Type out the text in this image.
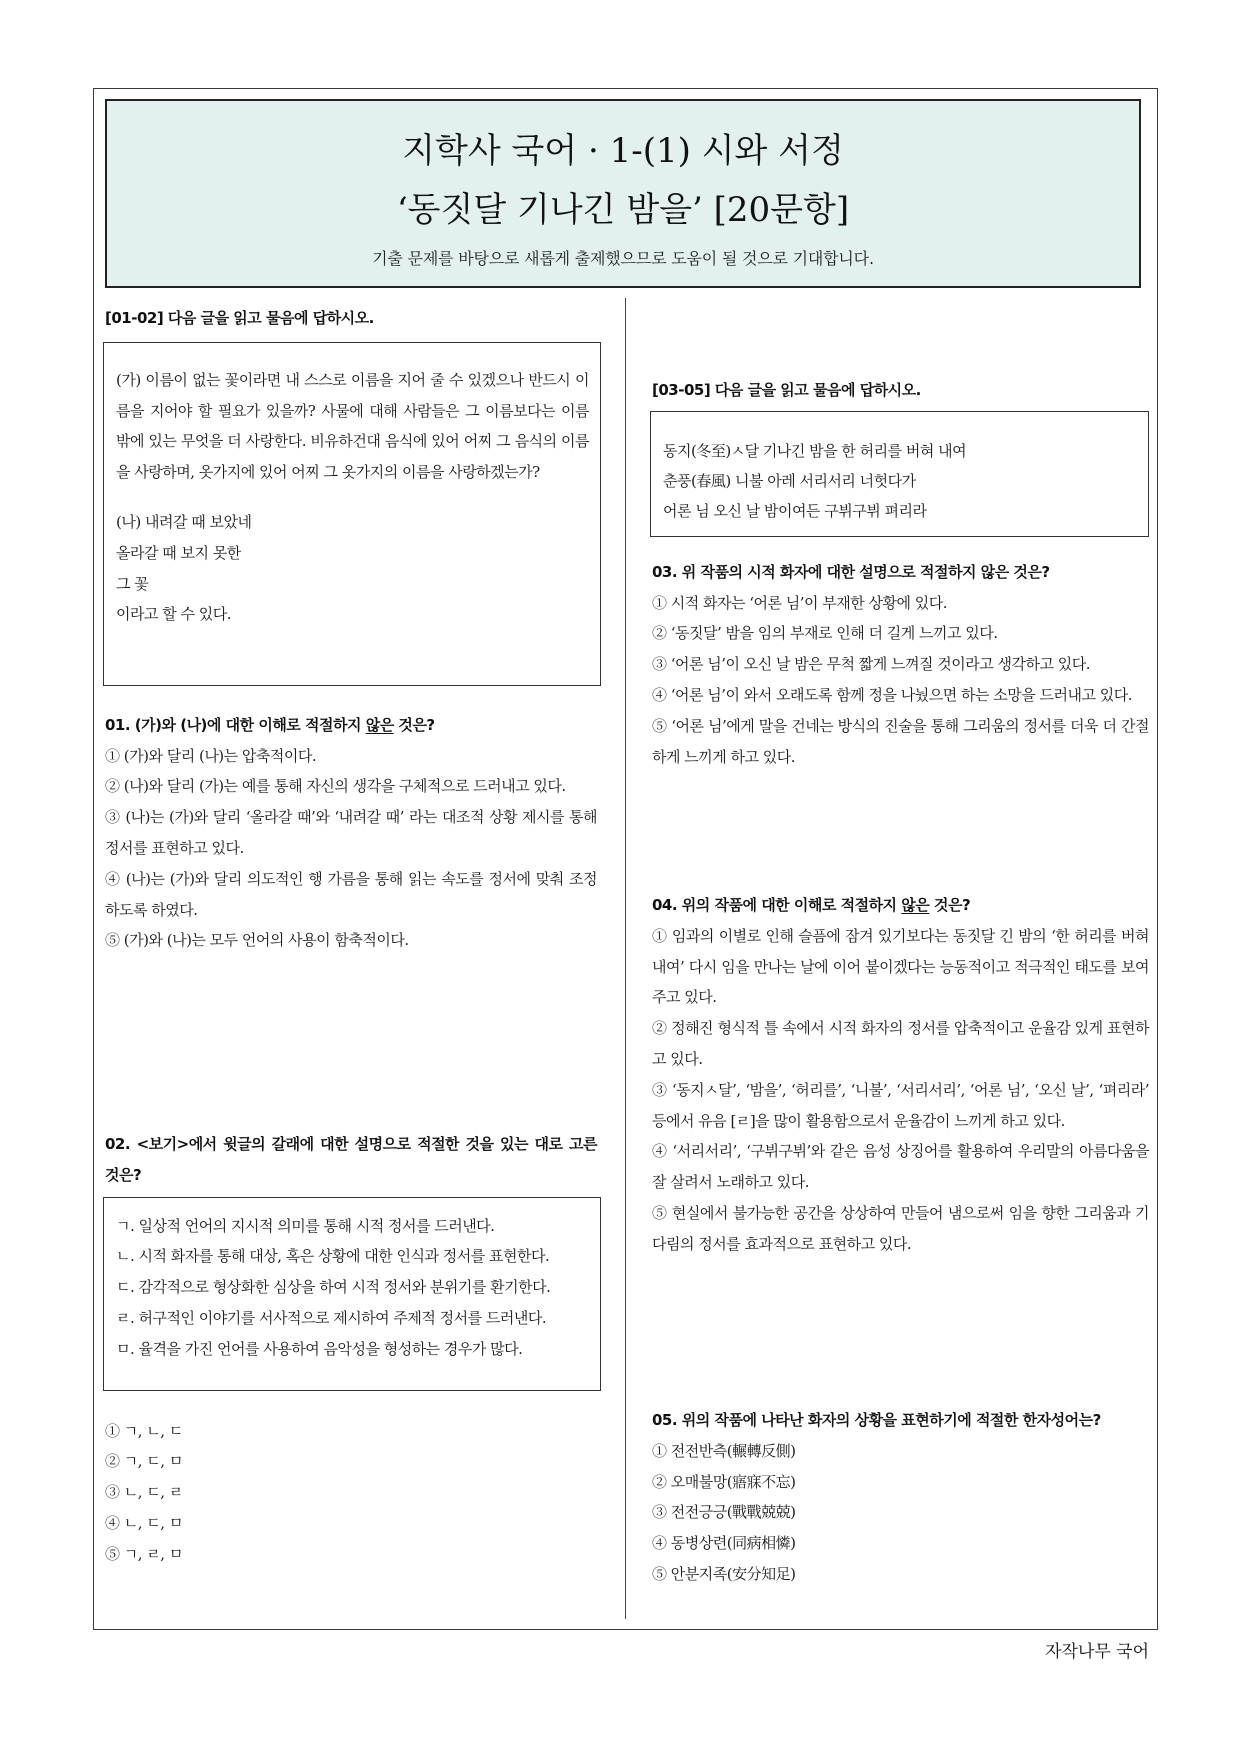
지학사 국어 · 1-(1) 시와 서정
‘동짓달 기나긴 밤을’ [20문항]
기출 문제를 바탕으로 새롭게 출제했으므로 도움이 될 것으로 기대합니다.
[01-02] 다음 글을 읽고 물음에 답하시오.
(가) 이름이 없는 꽃이라면 내 스스로 이름을 지어 줄 수 있겠으나 반드시 이름을 지어야 할 필요가 있을까? 사물에 대해 사람들은 그 이름보다는 이름 밖에 있는 무엇을 더 사랑한다. 비유하건대 음식에 있어 어찌 그 음식의 이름을 사랑하며, 옷가지에 있어 어찌 그 옷가지의 이름을 사랑하겠는가?
(나) 내려갈 때 보았네
올라갈 때 보지 못한
그 꽃
이라고 할 수 있다.
01. (가)와 (나)에 대한 이해로 적절하지 않은 것은?
① (가)와 달리 (나)는 압축적이다.
② (나)와 달리 (가)는 예를 통해 자신의 생각을 구체적으로 드러내고 있다.
③ (나)는 (가)와 달리 ‘올라갈 때’와 ‘내려갈 때’ 라는 대조적 상황 제시를 통해 정서를 표현하고 있다.
④ (나)는 (가)와 달리 의도적인 행 가름을 통해 읽는 속도를 정서에 맞춰 조정하도록 하였다.
⑤ (가)와 (나)는 모두 언어의 사용이 함축적이다.
02. <보기>에서 윗글의 갈래에 대한 설명으로 적절한 것을 있는 대로 고른 것은?
ㄱ. 일상적 언어의 지시적 의미를 통해 시적 정서를 드러낸다.
ㄴ. 시적 화자를 통해 대상, 혹은 상황에 대한 인식과 정서를 표현한다.
ㄷ. 감각적으로 형상화한 심상을 하여 시적 정서와 분위기를 환기한다.
ㄹ. 허구적인 이야기를 서사적으로 제시하여 주제적 정서를 드러낸다.
ㅁ. 율격을 가진 언어를 사용하여 음악성을 형성하는 경우가 많다.
① ㄱ, ㄴ, ㄷ
② ㄱ, ㄷ, ㅁ
③ ㄴ, ㄷ, ㄹ
④ ㄴ, ㄷ, ㅁ
⑤ ㄱ, ㄹ, ㅁ
[03-05] 다음 글을 읽고 물음에 답하시오.
동지(冬至)ㅅ달 기나긴 밤을 한 허리를 버혀 내여
춘풍(春風) 니불 아레 서리서리 너헛다가
어론 님 오신 날 밤이여든 구뷔구뷔 펴리라
03. 위 작품의 시적 화자에 대한 설명으로 적절하지 않은 것은?
① 시적 화자는 ‘어론 님’이 부재한 상황에 있다.
② ‘동짓달’ 밤을 임의 부재로 인해 더 길게 느끼고 있다.
③ ‘어론 님’이 오신 날 밤은 무척 짧게 느껴질 것이라고 생각하고 있다.
④ ‘어론 님’이 와서 오래도록 함께 정을 나눴으면 하는 소망을 드러내고 있다.
⑤ ‘어론 님’에게 말을 건네는 방식의 진술을 통해 그리움의 정서를 더욱 더 간절하게 느끼게 하고 있다.
04. 위의 작품에 대한 이해로 적절하지 않은 것은?
① 임과의 이별로 인해 슬픔에 잠겨 있기보다는 동짓달 긴 밤의 ‘한 허리를 버혀 내여’ 다시 임을 만나는 날에 이어 붙이겠다는 능동적이고 적극적인 태도를 보여 주고 있다.
② 정해진 형식적 틀 속에서 시적 화자의 정서를 압축적이고 운율감 있게 표현하고 있다.
③ ‘동지ㅅ달’, ‘밤을’, ‘허리를’, ‘니불’, ‘서리서리’, ‘어론 님’, ‘오신 날’, ‘펴리라’ 등에서 유음 [ㄹ]을 많이 활용함으로서 운율감이 느끼게 하고 있다.
④ ‘서리서리’, ‘구뷔구뷔’와 같은 음성 상징어를 활용하여 우리말의 아름다움을 잘 살려서 노래하고 있다.
⑤ 현실에서 불가능한 공간을 상상하여 만들어 냄으로써 임을 향한 그리움과 기다림의 정서를 효과적으로 표현하고 있다.
05. 위의 작품에 나타난 화자의 상황을 표현하기에 적절한 한자성어는?
① 전전반측(輾轉反側)
② 오매불망(寤寐不忘)
③ 전전긍긍(戰戰兢兢)
④ 동병상련(同病相憐)
⑤ 안분지족(安分知足)
자작나무 국어
